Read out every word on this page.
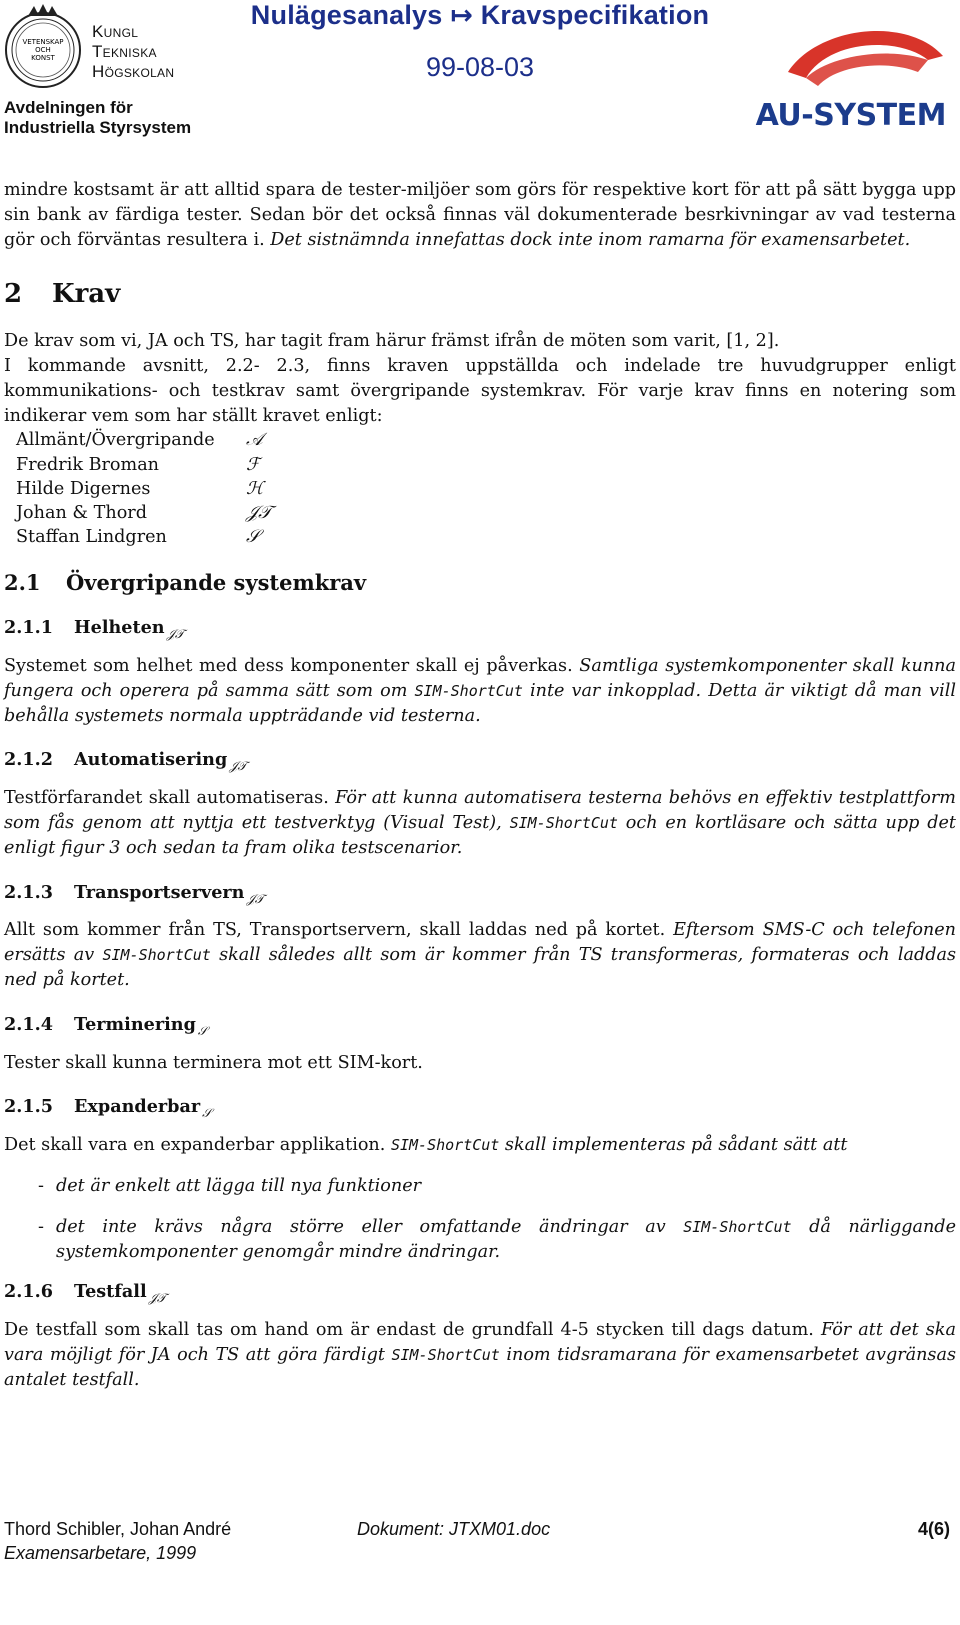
VETENSKAP
OCH
KONST
Kungl
Tekniska
Högskolan
Avdelningen för
Industriella Styrsystem
Nulägesanalys ↦ Kravspecifikation
99-08-03
AU-SYSTEM

mindre kostsamt är att alltid spara de tester-miljöer som görs för respektive kort för att på sätt bygga upp sin bank av färdiga tester. Sedan bör det också finnas väl dokumenterade besrkivningar av vad testerna gör och förväntas resultera i. Det sistnämnda innefattas dock inte inom ramarna för examensarbetet.

2 Krav

De krav som vi, JA och TS, har tagit fram härur främst ifrån de möten som varit, [1, 2].

I kommande avsnitt, 2.2- 2.3, finns kraven uppställda och indelade tre huvudgrupper enligt kommunikations- och testkrav samt övergripande systemkrav. För varje krav finns en notering som indikerar vem som har ställt kravet enligt:

Allmänt/Övergripande	𝒜
Fredrik Broman	ℱ
Hilde Digernes	ℋ
Johan & Thord	𝒥𝒯
Staffan Lindgren	𝒮
2.1 Övergripande systemkrav
2.1.1 Helheten $_{𝒥𝒯}$

Systemet som helhet med dess komponenter skall ej påverkas. Samtliga systemkomponenter skall kunna fungera och operera på samma sätt som om SIM-ShortCut inte var inkopplad. Detta är viktigt då man vill behålla systemets normala uppträdande vid testerna.

2.1.2 Automatisering $_{𝒥𝒯}$

Testförfarandet skall automatiseras. För att kunna automatisera testerna behövs en effektiv testplattform som fås genom att nyttja ett testverktyg (Visual Test), SIM-ShortCut och en kortläsare och sätta upp det enligt figur 3 och sedan ta fram olika testscenarior.

2.1.3 Transportservern $_{𝒥𝒯}$

Allt som kommer från TS, Transportservern, skall laddas ned på kortet. Eftersom SMS-C och telefonen ersätts av SIM-ShortCut skall således allt som är kommer från TS transformeras, formateras och laddas ned på kortet.

2.1.4 Terminering $_𝒮$

Tester skall kunna terminera mot ett SIM-kort.

2.1.5 Expanderbar $_𝒮$

Det skall vara en expanderbar applikation. SIM-ShortCut skall implementeras på sådant sätt att

- det är enkelt att lägga till nya funktioner
- det inte krävs några större eller omfattande ändringar av SIM-ShortCut då närliggande systemkomponenter genomgår mindre ändringar.
2.1.6 Testfall $_{𝒥𝒯}$

De testfall som skall tas om hand om är endast de grundfall 4-5 stycken till dags datum. För att det ska vara möjligt för JA och TS att göra färdigt SIM-ShortCut inom tidsramarana för examensarbetet avgränsas antalet testfall.

Thord Schibler, Johan André
Examensarbetare, 1999
Dokument: JTXM01.doc	4(6)
